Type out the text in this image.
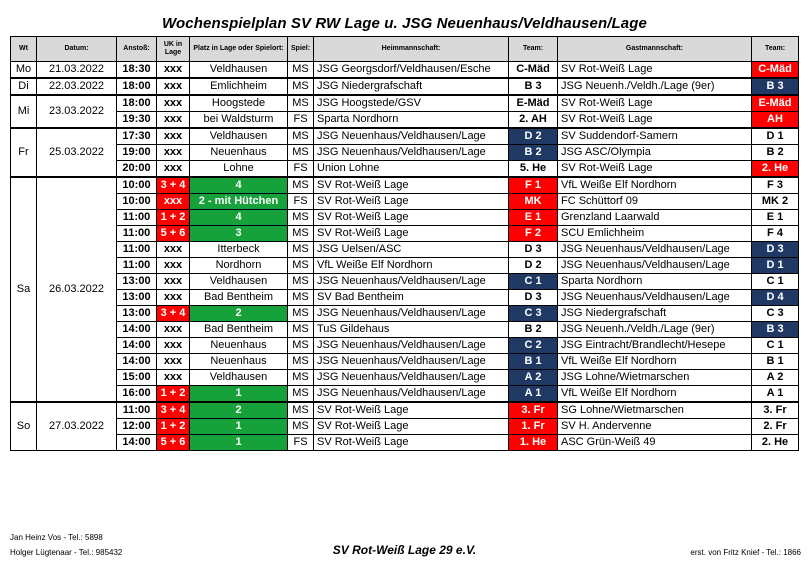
Wochenspielplan SV RW Lage u. JSG Neuenhaus/Veldhausen/Lage
Wt	Datum:	Anstoß:	UK in Lage	Platz in Lage oder Spielort:	Spiel:	Heimmannschaft:	Team:	Gastmannschaft:	Team:
Mo	21.03.2022	18:30	xxx	Veldhausen	MS	JSG Georgsdorf/Veldhausen/Esche	C-Mäd	SV Rot-Weiß Lage	C-Mäd
Di	22.03.2022	18:00	xxx	Emlichheim	MS	JSG Niedergrafschaft	B 3	JSG Neuenh./Veldh./Lage (9er)	B 3
Mi	23.03.2022	18:00	xxx	Hoogstede	MS	JSG Hoogstede/GSV	E-Mäd	SV Rot-Weiß Lage	E-Mäd
		19:30	xxx	bei Waldsturm	FS	Sparta Nordhorn	2. AH	SV Rot-Weiß Lage	AH
Fr	25.03.2022	17:30	xxx	Veldhausen	MS	JSG Neuenhaus/Veldhausen/Lage	D 2	SV Suddendorf-Samern	D 1
		19:00	xxx	Neuenhaus	MS	JSG Neuenhaus/Veldhausen/Lage	B 2	JSG ASC/Olympia	B 2
		20:00	xxx	Lohne	FS	Union Lohne	5. He	SV Rot-Weiß Lage	2. He
Sa	26.03.2022	10:00	3 + 4	4	MS	SV Rot-Weiß Lage	F 1	VfL Weiße Elf Nordhorn	F 3
		10:00	xxx	2 - mit Hütchen	FS	SV Rot-Weiß Lage	MK	FC Schüttorf 09	MK 2
		11:00	1 + 2	4	MS	SV Rot-Weiß Lage	E 1	Grenzland Laarwald	E 1
		11:00	5 + 6	3	MS	SV Rot-Weiß Lage	F 2	SCU Emlichheim	F 4
		11:00	xxx	Itterbeck	MS	JSG Uelsen/ASC	D 3	JSG Neuenhaus/Veldhausen/Lage	D 3
		11:00	xxx	Nordhorn	MS	VfL Weiße Elf Nordhorn	D 2	JSG Neuenhaus/Veldhausen/Lage	D 1
		13:00	xxx	Veldhausen	MS	JSG Neuenhaus/Veldhausen/Lage	C 1	Sparta Nordhorn	C 1
		13:00	xxx	Bad Bentheim	MS	SV Bad Bentheim	D 3	JSG Neuenhaus/Veldhausen/Lage	D 4
		13:00	3 + 4	2	MS	JSG Neuenhaus/Veldhausen/Lage	C 3	JSG Niedergrafschaft	C 3
		14:00	xxx	Bad Bentheim	MS	TuS Gildehaus	B 2	JSG Neuenh./Veldh./Lage (9er)	B 3
		14:00	xxx	Neuenhaus	MS	JSG Neuenhaus/Veldhausen/Lage	C 2	JSG Eintracht/Brandlecht/Hesepe	C 1
		14:00	xxx	Neuenhaus	MS	JSG Neuenhaus/Veldhausen/Lage	B 1	VfL Weiße Elf Nordhorn	B 1
		15:00	xxx	Veldhausen	MS	JSG Neuenhaus/Veldhausen/Lage	A 2	JSG Lohne/Wietmarschen	A 2
		16:00	1 + 2	1	MS	JSG Neuenhaus/Veldhausen/Lage	A 1	VfL Weiße Elf Nordhorn	A 1
So	27.03.2022	11:00	3 + 4	2	MS	SV Rot-Weiß Lage	3. Fr	SG Lohne/Wietmarschen	3. Fr
		12:00	1 + 2	1	MS	SV Rot-Weiß Lage	1. Fr	SV H. Andervenne	2. Fr
		14:00	5 + 6	1	FS	SV Rot-Weiß Lage	1. He	ASC Grün-Weiß 49	2. He
Jan Heinz Vos - Tel.: 5898
Holger Lügtenaar - Tel.: 985432	SV Rot-Weiß Lage 29 e.V.	erst. von Fritz Knief - Tel.: 1866
